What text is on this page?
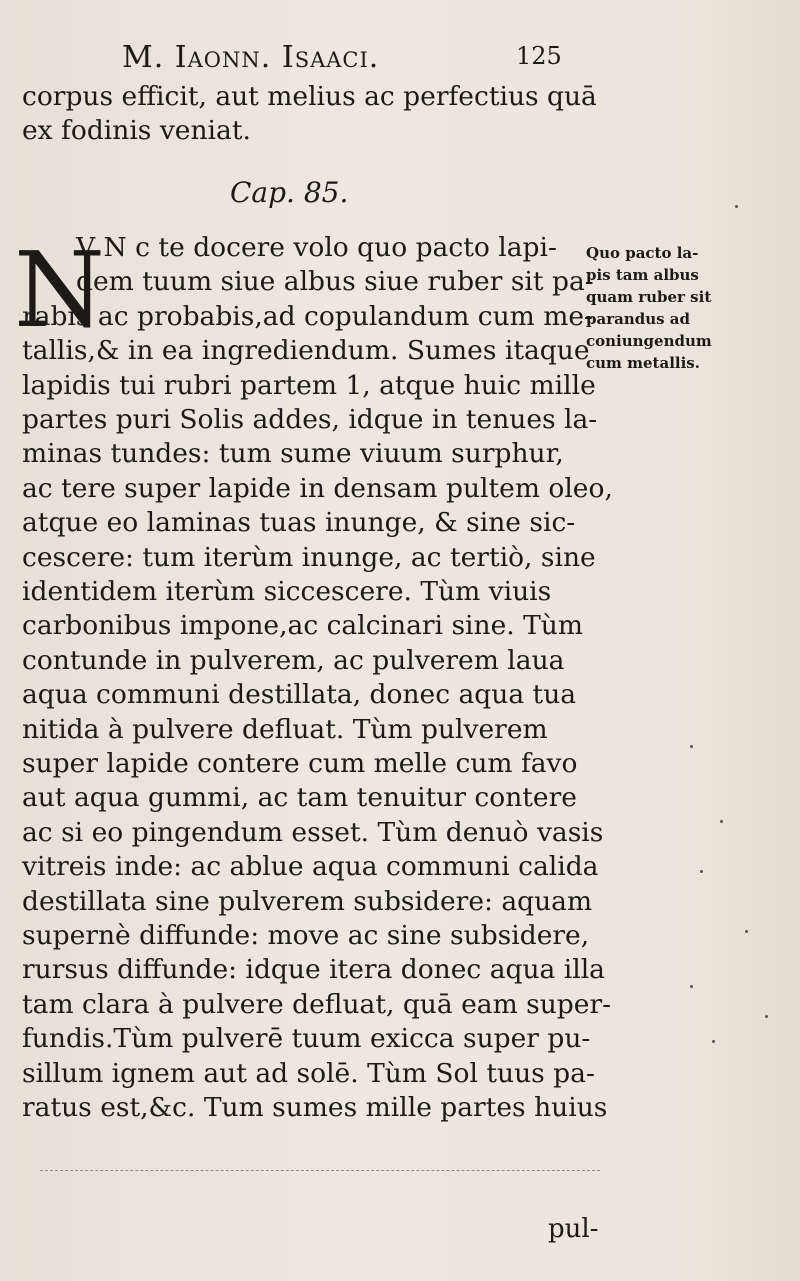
M. Iaonn. Isaaci.	125
corpus efficit, aut melius ac perfectius quā
ex fodinis veniat.
Cap. 85.
N
V N c te docere volo quo pacto lapi-
dem tuum siue albus siue ruber sit pa-
rabis ac probabis,ad copulandum cum me-
tallis,& in ea ingrediendum. Sumes itaque
lapidis tui rubri partem 1, atque huic mille
partes puri Solis addes, idque in tenues la-
minas tundes: tum sume viuum surphur,
ac tere super lapide in densam pultem oleo,
atque eo laminas tuas inunge, & sine sic-
cescere: tum iterùm inunge, ac tertiò, sine
identidem iterùm siccescere. Tùm viuis
carbonibus impone,ac calcinari sine. Tùm
contunde in pulverem, ac pulverem laua
aqua communi destillata, donec aqua tua
nitida à pulvere defluat. Tùm pulverem
super lapide contere cum melle cum favo
aut aqua gummi, ac tam tenuitur contere
ac si eo pingendum esset. Tùm denuò vasis
vitreis inde: ac ablue aqua communi calida
destillata sine pulverem subsidere: aquam
supernè diffunde: move ac sine subsidere,
rursus diffunde: idque itera donec aqua illa
tam clara à pulvere defluat, quā eam super-
fundis.Tùm pulverē tuum exicca super pu-
sillum ignem aut ad solē. Tùm Sol tuus pa-
ratus est,&c. Tum sumes mille partes huius
Quo pacto la-
pis tam albus
quam ruber sit
parandus ad
coniungendum
cum metallis.
pul-
